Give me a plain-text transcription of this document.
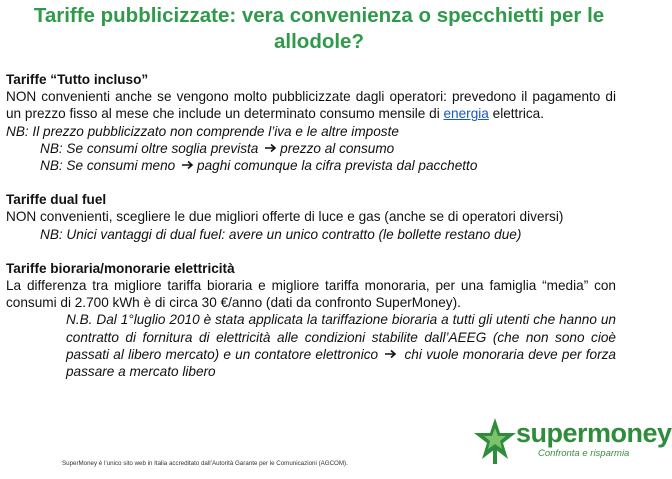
Tariffe pubblicizzate: vera convenienza o specchietti per le
allodole?

Tariffe “Tutto incluso”

NON convenienti anche se vengono molto pubblicizzate dagli operatori: prevedono il pagamento di un prezzo fisso al mese che include un determinato consumo mensile di energia elettrica.

NB: Il prezzo pubblicizzato non comprende l’iva e le altre imposte

NB: Se consumi oltre soglia prevista prezzo al consumo

NB: Se consumi meno paghi comunque la cifra prevista dal pacchetto

Tariffe dual fuel

NON convenienti, scegliere le due migliori offerte di luce e gas (anche se di operatori diversi)

NB: Unici vantaggi di dual fuel: avere un unico contratto (le bollette restano due)

Tariffe bioraria/monorarie elettricità

La differenza tra migliore tariffa bioraria e migliore tariffa monoraria, per una famiglia “media” con consumi di 2.700 kWh è di circa 30 €/anno (dati da confronto SuperMoney).

N.B. Dal 1°luglio 2010 è stata applicata la tariffazione bioraria a tutti gli utenti che hanno un contratto di fornitura di elettricità alle condizioni stabilite dall’AEEG (che non sono cioè passati al libero mercato) e un contatore elettronico  chi vuole monoraria deve per forza passare a mercato libero

SuperMoney è l’unico sito web in Italia accreditato dall’Autorità Garante per le Comunicazioni (AGCOM).
supermoney
Confronta e risparmia
